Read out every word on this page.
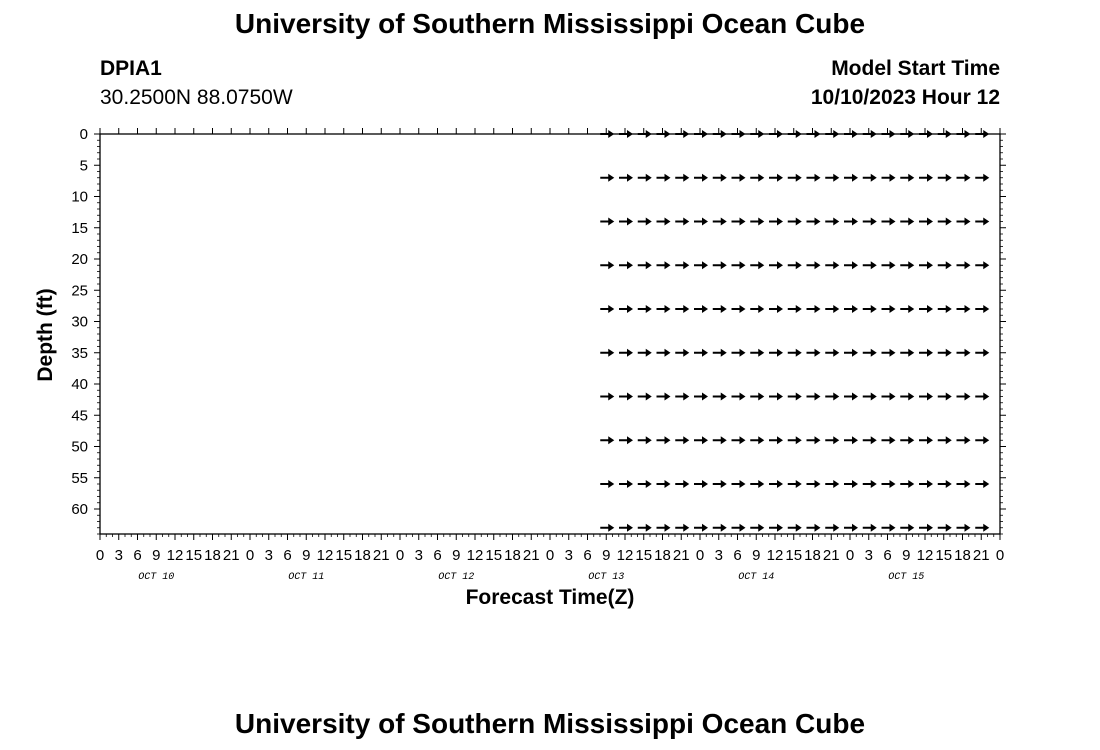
University of Southern Mississippi Ocean Cube
DPIA1
30.2500N 88.0750W
Model Start Time
10/10/2023 Hour 12
0
5
10
15
20
25
30
35
40
45
50
55
60
0 3 6 9 12 15 18 21 0 3 6 9 12 15 18 21 0 3 6 9 12 15 18 21 0 3 6 9 12 15 18 21 0 3 6 9 12 15 18 21 0 3 6 9 12 15 18 21 0
OCT 10	OCT 11	OCT 12	OCT 13	OCT 14	OCT 15
Forecast Time(Z)
Depth (ft)
University of Southern Mississippi Ocean Cube
